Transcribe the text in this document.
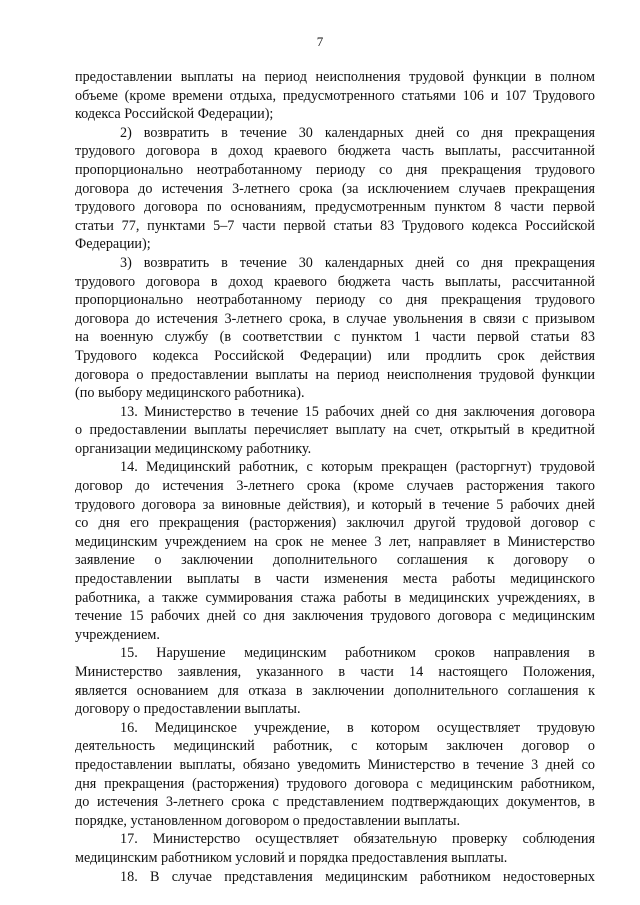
7
предоставлении выплаты на период неисполнения трудовой функции в полном
объеме (кроме времени отдыха, предусмотренного статьями 106 и 107 Трудового
кодекса Российской Федерации);
2) возвратить в течение 30 календарных дней со дня прекращения
трудового договора в доход краевого бюджета часть выплаты, рассчитанной
пропорционально неотработанному периоду со дня прекращения трудового
договора до истечения 3-летнего срока (за исключением случаев прекращения
трудового договора по основаниям, предусмотренным пунктом 8 части первой
статьи 77, пунктами 5–7 части первой статьи 83 Трудового кодекса Российской
Федерации);
3) возвратить в течение 30 календарных дней со дня прекращения
трудового договора в доход краевого бюджета часть выплаты, рассчитанной
пропорционально неотработанному периоду со дня прекращения трудового
договора до истечения 3-летнего срока, в случае увольнения в связи с призывом
на военную службу (в соответствии с пунктом 1 части первой статьи 83
Трудового кодекса Российской Федерации) или продлить срок действия
договора о предоставлении выплаты на период неисполнения трудовой функции
(по выбору медицинского работника).
13. Министерство в течение 15 рабочих дней со дня заключения договора
о предоставлении выплаты перечисляет выплату на счет, открытый в кредитной
организации медицинскому работнику.
14. Медицинский работник, с которым прекращен (расторгнут) трудовой
договор до истечения 3-летнего срока (кроме случаев расторжения такого
трудового договора за виновные действия), и который в течение 5 рабочих дней
со дня его прекращения (расторжения) заключил другой трудовой договор с
медицинским учреждением на срок не менее 3 лет, направляет в Министерство
заявление о заключении дополнительного соглашения к договору о
предоставлении выплаты в части изменения места работы медицинского
работника, а также суммирования стажа работы в медицинских учреждениях, в
течение 15 рабочих дней со дня заключения трудового договора с медицинским
учреждением.
15. Нарушение медицинским работником сроков направления в
Министерство заявления, указанного в части 14 настоящего Положения,
является основанием для отказа в заключении дополнительного соглашения к
договору о предоставлении выплаты.
16. Медицинское учреждение, в котором осуществляет трудовую
деятельность медицинский работник, с которым заключен договор о
предоставлении выплаты, обязано уведомить Министерство в течение 3 дней со
дня прекращения (расторжения) трудового договора с медицинским работником,
до истечения 3-летнего срока с представлением подтверждающих документов, в
порядке, установленном договором о предоставлении выплаты.
17. Министерство осуществляет обязательную проверку соблюдения
медицинским работником условий и порядка предоставления выплаты.
18. В случае представления медицинским работником недостоверных
